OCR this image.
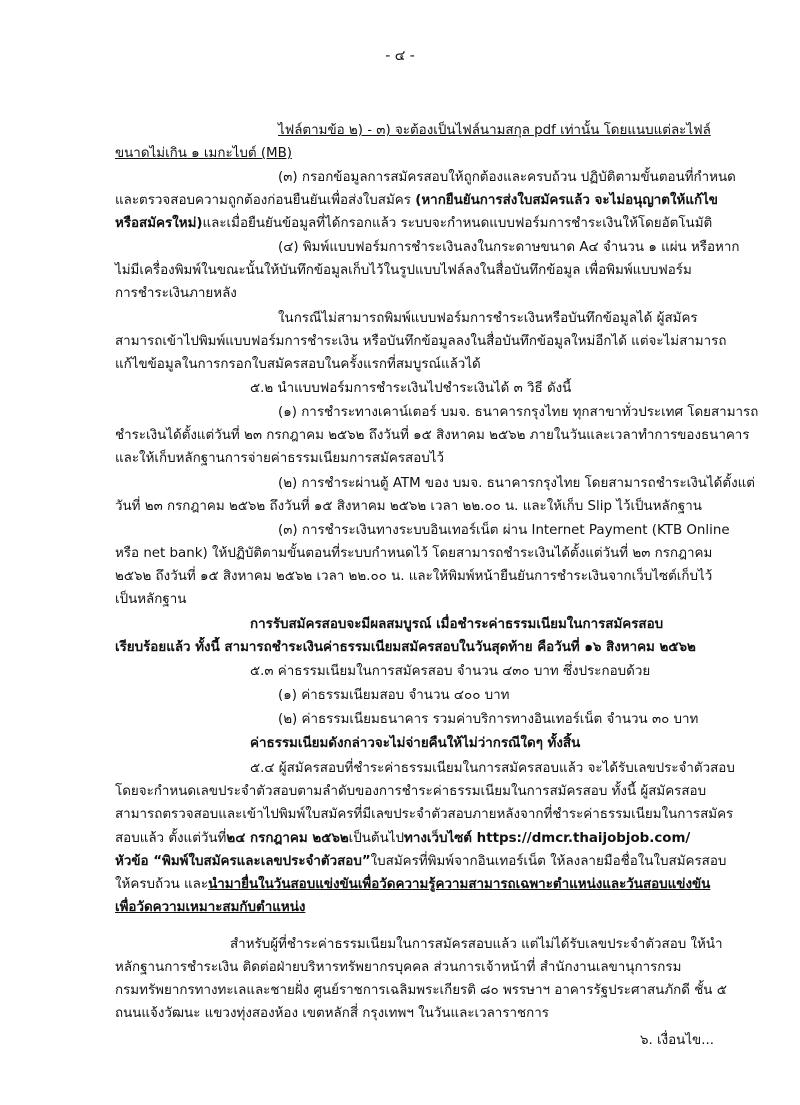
- ๔ -
ไฟล์ตามข้อ ๒) - ๓) จะต้องเป็นไฟล์นามสกุล pdf เท่านั้น โดยแนบแต่ละไฟล์
ขนาดไม่เกิน ๑ เมกะไบต์ (MB)
(๓) กรอกข้อมูลการสมัครสอบให้ถูกต้องและครบถ้วน ปฏิบัติตามขั้นตอนที่กำหนด
และตรวจสอบความถูกต้องก่อนยืนยันเพื่อส่งใบสมัคร (หากยืนยันการส่งใบสมัครแล้ว จะไม่อนุญาตให้แก้ไข
หรือสมัครใหม่)และเมื่อยืนยันข้อมูลที่ได้กรอกแล้ว ระบบจะกำหนดแบบฟอร์มการชำระเงินให้โดยอัตโนมัติ
(๔) พิมพ์แบบฟอร์มการชำระเงินลงในกระดาษขนาด A๔ จำนวน ๑ แผ่น หรือหาก
ไม่มีเครื่องพิมพ์ในขณะนั้นให้บันทึกข้อมูลเก็บไว้ในรูปแบบไฟล์ลงในสื่อบันทึกข้อมูล เพื่อพิมพ์แบบฟอร์ม
การชำระเงินภายหลัง
ในกรณีไม่สามารถพิมพ์แบบฟอร์มการชำระเงินหรือบันทึกข้อมูลได้ ผู้สมัคร
สามารถเข้าไปพิมพ์แบบฟอร์มการชำระเงิน หรือบันทึกข้อมูลลงในสื่อบันทึกข้อมูลใหม่อีกได้ แต่จะไม่สามารถ
แก้ไขข้อมูลในการกรอกใบสมัครสอบในครั้งแรกที่สมบูรณ์แล้วได้
๕.๒ นำแบบฟอร์มการชำระเงินไปชำระเงินได้ ๓ วิธี ดังนี้
(๑) การชำระทางเคาน์เตอร์ บมจ. ธนาคารกรุงไทย ทุกสาขาทั่วประเทศ โดยสามารถ
ชำระเงินได้ตั้งแต่วันที่ ๒๓ กรกฎาคม ๒๕๖๒ ถึงวันที่ ๑๕ สิงหาคม ๒๕๖๒ ภายในวันและเวลาทำการของธนาคาร
และให้เก็บหลักฐานการจ่ายค่าธรรมเนียมการสมัครสอบไว้
(๒) การชำระผ่านตู้ ATM ของ บมจ. ธนาคารกรุงไทย โดยสามารถชำระเงินได้ตั้งแต่
วันที่ ๒๓ กรกฎาคม ๒๕๖๒ ถึงวันที่ ๑๕ สิงหาคม ๒๕๖๒ เวลา ๒๒.๐๐ น. และให้เก็บ Slip ไว้เป็นหลักฐาน
(๓) การชำระเงินทางระบบอินเทอร์เน็ต ผ่าน Internet Payment (KTB Online
หรือ net bank) ให้ปฏิบัติตามขั้นตอนที่ระบบกำหนดไว้ โดยสามารถชำระเงินได้ตั้งแต่วันที่ ๒๓ กรกฎาคม
๒๕๖๒ ถึงวันที่ ๑๕ สิงหาคม ๒๕๖๒ เวลา ๒๒.๐๐ น. และให้พิมพ์หน้ายืนยันการชำระเงินจากเว็บไซต์เก็บไว้
เป็นหลักฐาน
การรับสมัครสอบจะมีผลสมบูรณ์ เมื่อชำระค่าธรรมเนียมในการสมัครสอบ
เรียบร้อยแล้ว ทั้งนี้ สามารถชำระเงินค่าธรรมเนียมสมัครสอบในวันสุดท้าย คือวันที่ ๑๖ สิงหาคม ๒๕๖๒
๕.๓ ค่าธรรมเนียมในการสมัครสอบ จำนวน ๔๓๐ บาท ซึ่งประกอบด้วย
(๑) ค่าธรรมเนียมสอบ จำนวน ๔๐๐ บาท
(๒) ค่าธรรมเนียมธนาคาร รวมค่าบริการทางอินเทอร์เน็ต จำนวน ๓๐ บาท
ค่าธรรมเนียมดังกล่าวจะไม่จ่ายคืนให้ไม่ว่ากรณีใดๆ ทั้งสิ้น
๕.๔ ผู้สมัครสอบที่ชำระค่าธรรมเนียมในการสมัครสอบแล้ว จะได้รับเลขประจำตัวสอบ
โดยจะกำหนดเลขประจำตัวสอบตามลำดับของการชำระค่าธรรมเนียมในการสมัครสอบ ทั้งนี้ ผู้สมัครสอบ
สามารถตรวจสอบและเข้าไปพิมพ์ใบสมัครที่มีเลขประจำตัวสอบภายหลังจากที่ชำระค่าธรรมเนียมในการสมัคร
สอบแล้ว ตั้งแต่วันที่๒๔ กรกฎาคม ๒๕๖๒เป็นต้นไปทางเว็บไซต์ https://dmcr.thaijobjob.com/
หัวข้อ “พิมพ์ใบสมัครและเลขประจำตัวสอบ”ใบสมัครที่พิมพ์จากอินเทอร์เน็ต ให้ลงลายมือชื่อในใบสมัครสอบ
ให้ครบถ้วน และนำมายื่นในวันสอบแข่งขันเพื่อวัดความรู้ความสามารถเฉพาะตำแหน่งและวันสอบแข่งขัน
เพื่อวัดความเหมาะสมกับตำแหน่ง
สำหรับผู้ที่ชำระค่าธรรมเนียมในการสมัครสอบแล้ว แต่ไม่ได้รับเลขประจำตัวสอบ ให้นำ
หลักฐานการชำระเงิน ติดต่อฝ่ายบริหารทรัพยากรบุคคล ส่วนการเจ้าหน้าที่ สำนักงานเลขานุการกรม
กรมทรัพยากรทางทะเลและชายฝั่ง ศูนย์ราชการเฉลิมพระเกียรติ ๘๐ พรรษาฯ อาคารรัฐประศาสนภักดี ชั้น ๕
ถนนแจ้งวัฒนะ แขวงทุ่งสองห้อง เขตหลักสี่ กรุงเทพฯ ในวันและเวลาราชการ
๖. เงื่อนไข...
